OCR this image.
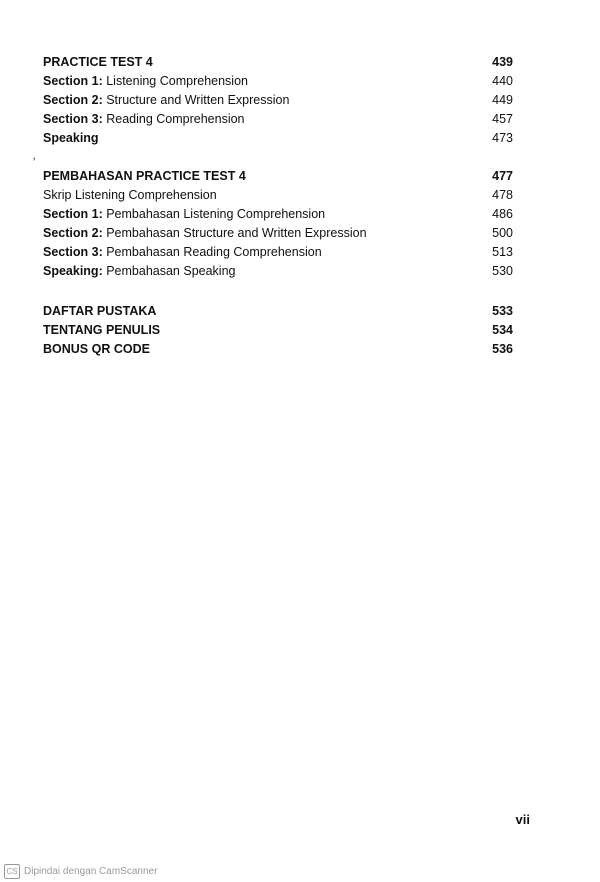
PRACTICE TEST 4	439
Section 1: Listening Comprehension	440
Section 2: Structure and Written Expression	449
Section 3: Reading Comprehension	457
Speaking	473
,
PEMBAHASAN PRACTICE TEST 4	477
Skrip Listening Comprehension	478
Section 1: Pembahasan Listening Comprehension	486
Section 2: Pembahasan Structure and Written Expression	500
Section 3: Pembahasan Reading Comprehension	513
Speaking: Pembahasan Speaking	530
DAFTAR PUSTAKA	533
TENTANG PENULIS	534
BONUS QR CODE	536
vii
CS Dipindai dengan CamScanner
